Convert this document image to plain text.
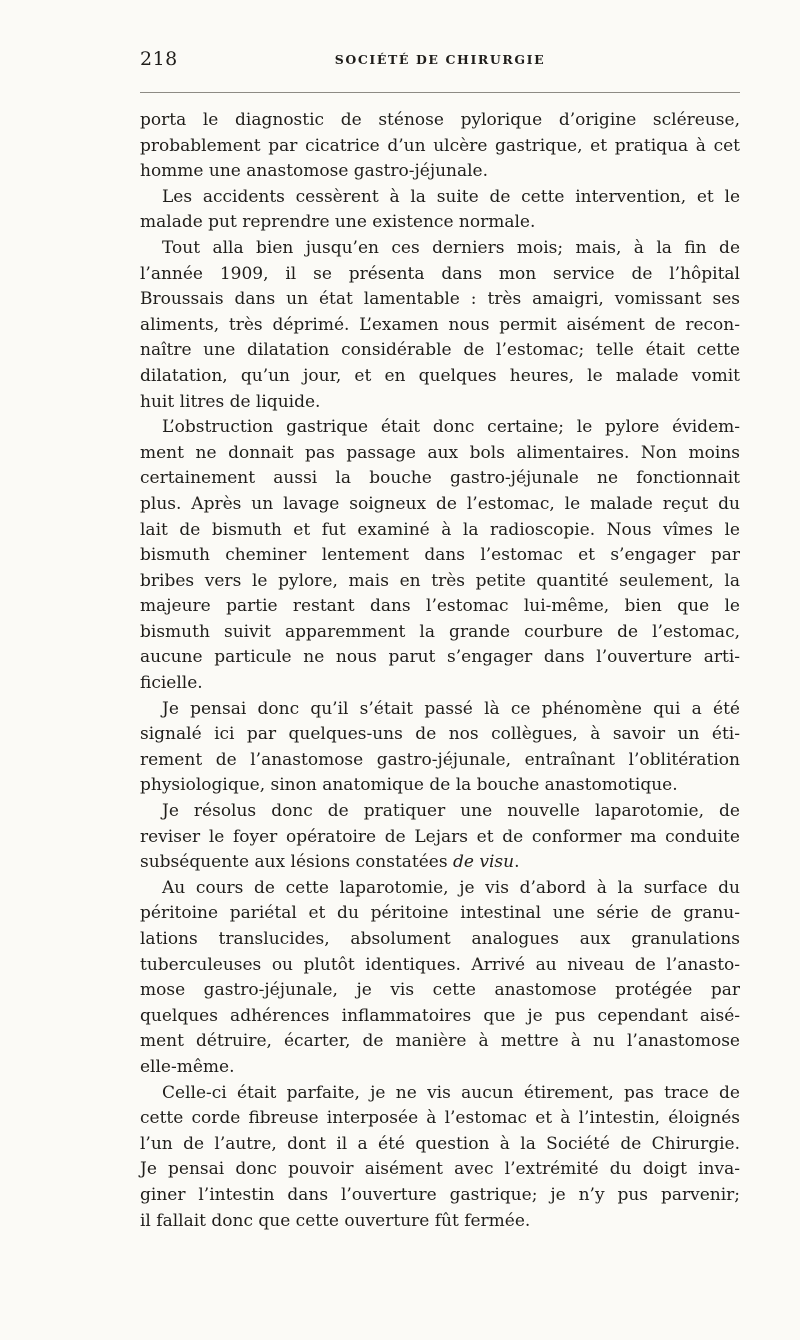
218	SOCIÉTÉ DE CHIRURGIE

porta le diagnostic de sténose pylorique d’origine scléreuse,
probablement par cicatrice d’un ulcère gastrique, et pratiqua à cet
homme une anastomose gastro-jéjunale.

Les accidents cessèrent à la suite de cette intervention, et le
malade put reprendre une existence normale.

Tout alla bien jusqu’en ces derniers mois; mais, à la fin de
l’année 1909, il se présenta dans mon service de l’hôpital
Broussais dans un état lamentable : très amaigri, vomissant ses
aliments, très déprimé. L’examen nous permit aisément de recon-
naître une dilatation considérable de l’estomac; telle était cette
dilatation, qu’un jour, et en quelques heures, le malade vomit
huit litres de liquide.

L’obstruction gastrique était donc certaine; le pylore évidem-
ment ne donnait pas passage aux bols alimentaires. Non moins
certainement aussi la bouche gastro-jéjunale ne fonctionnait
plus. Après un lavage soigneux de l’estomac, le malade reçut du
lait de bismuth et fut examiné à la radioscopie. Nous vîmes le
bismuth cheminer lentement dans l’estomac et s’engager par
bribes vers le pylore, mais en très petite quantité seulement, la
majeure partie restant dans l’estomac lui-même, bien que le
bismuth suivit apparemment la grande courbure de l’estomac,
aucune particule ne nous parut s’engager dans l’ouverture arti-
ficielle.

Je pensai donc qu’il s’était passé là ce phénomène qui a été
signalé ici par quelques-uns de nos collègues, à savoir un éti-
rement de l’anastomose gastro-jéjunale, entraînant l’oblitération
physiologique, sinon anatomique de la bouche anastomotique.

Je résolus donc de pratiquer une nouvelle laparotomie, de
reviser le foyer opératoire de Lejars et de conformer ma conduite
subséquente aux lésions constatées de visu.

Au cours de cette laparotomie, je vis d’abord à la surface du
péritoine pariétal et du péritoine intestinal une série de granu-
lations translucides, absolument analogues aux granulations
tuberculeuses ou plutôt identiques. Arrivé au niveau de l’anasto-
mose gastro-jéjunale, je vis cette anastomose protégée par
quelques adhérences inflammatoires que je pus cependant aisé-
ment détruire, écarter, de manière à mettre à nu l’anastomose
elle-même.

Celle-ci était parfaite, je ne vis aucun étirement, pas trace de
cette corde fibreuse interposée à l’estomac et à l’intestin, éloignés
l’un de l’autre, dont il a été question à la Société de Chirurgie.
Je pensai donc pouvoir aisément avec l’extrémité du doigt inva-
giner l’intestin dans l’ouverture gastrique; je n’y pus parvenir;
il fallait donc que cette ouverture fût fermée.
